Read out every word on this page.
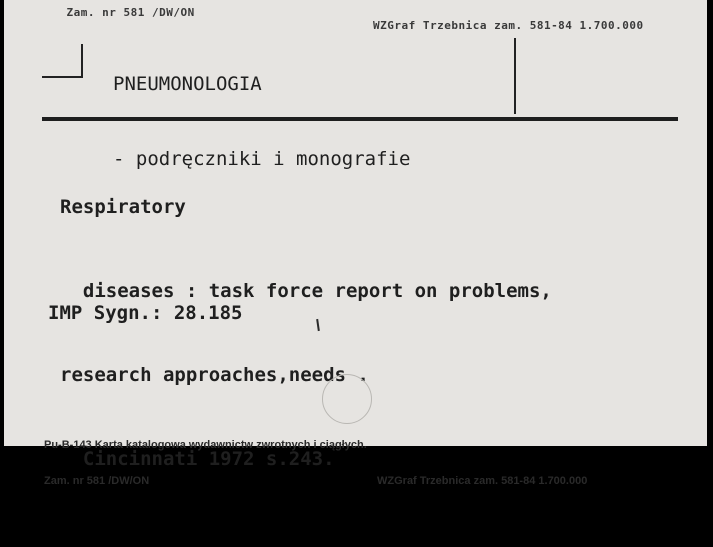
Zam. nr 581 /DW/ON

WZGraf Trzebnica zam. 581-84 1.700.000

PNEUMONOLOGIA

- podręczniki i monografie

Respiratory

diseases : task force report on problems,

research approaches,needs .

Cincinnati 1972 s.243.

IMP Sygn.: 28.185

Pu-B-143 Karta katalogowa wydawnictw zwrotnych i ciągłych.

Zam. nr 581 /DW/ON

	WZGraf Trzebnica zam. 581-84 1.700.000
